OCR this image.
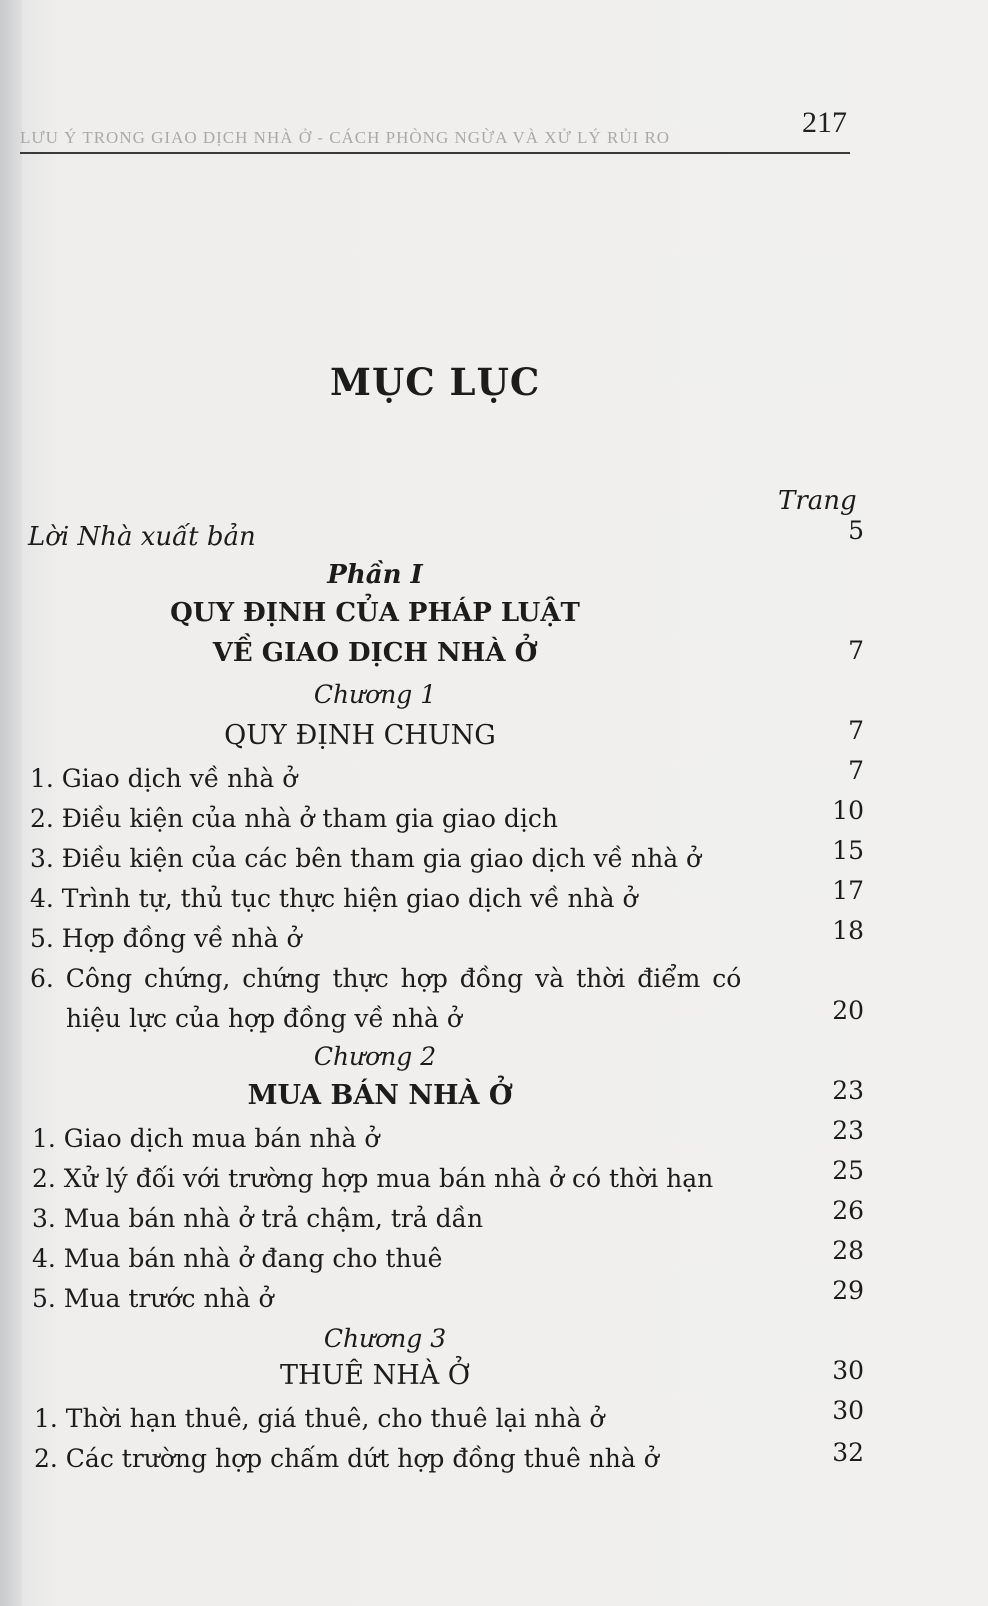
LƯU Ý TRONG GIAO DỊCH NHÀ Ở - CÁCH PHÒNG NGỪA VÀ XỬ LÝ RỦI RO	217
MỤC LỤC
Trang
Lời Nhà xuất bản	5
Phần I
QUY ĐỊNH CỦA PHÁP LUẬT
VỀ GIAO DỊCH NHÀ Ở	7
Chương 1
QUY ĐỊNH CHUNG	7
1. Giao dịch về nhà ở	7
2. Điều kiện của nhà ở tham gia giao dịch	10
3. Điều kiện của các bên tham gia giao dịch về nhà ở	15
4. Trình tự, thủ tục thực hiện giao dịch về nhà ở	17
5. Hợp đồng về nhà ở	18
6. Công chứng, chứng thực hợp đồng và thời điểm có
hiệu lực của hợp đồng về nhà ở	20
Chương 2
MUA BÁN NHÀ Ở	23
1. Giao dịch mua bán nhà ở	23
2. Xử lý đối với trường hợp mua bán nhà ở có thời hạn	25
3. Mua bán nhà ở trả chậm, trả dần	26
4. Mua bán nhà ở đang cho thuê	28
5. Mua trước nhà ở	29
Chương 3
THUÊ NHÀ Ở	30
1. Thời hạn thuê, giá thuê, cho thuê lại nhà ở	30
2. Các trường hợp chấm dứt hợp đồng thuê nhà ở	32
